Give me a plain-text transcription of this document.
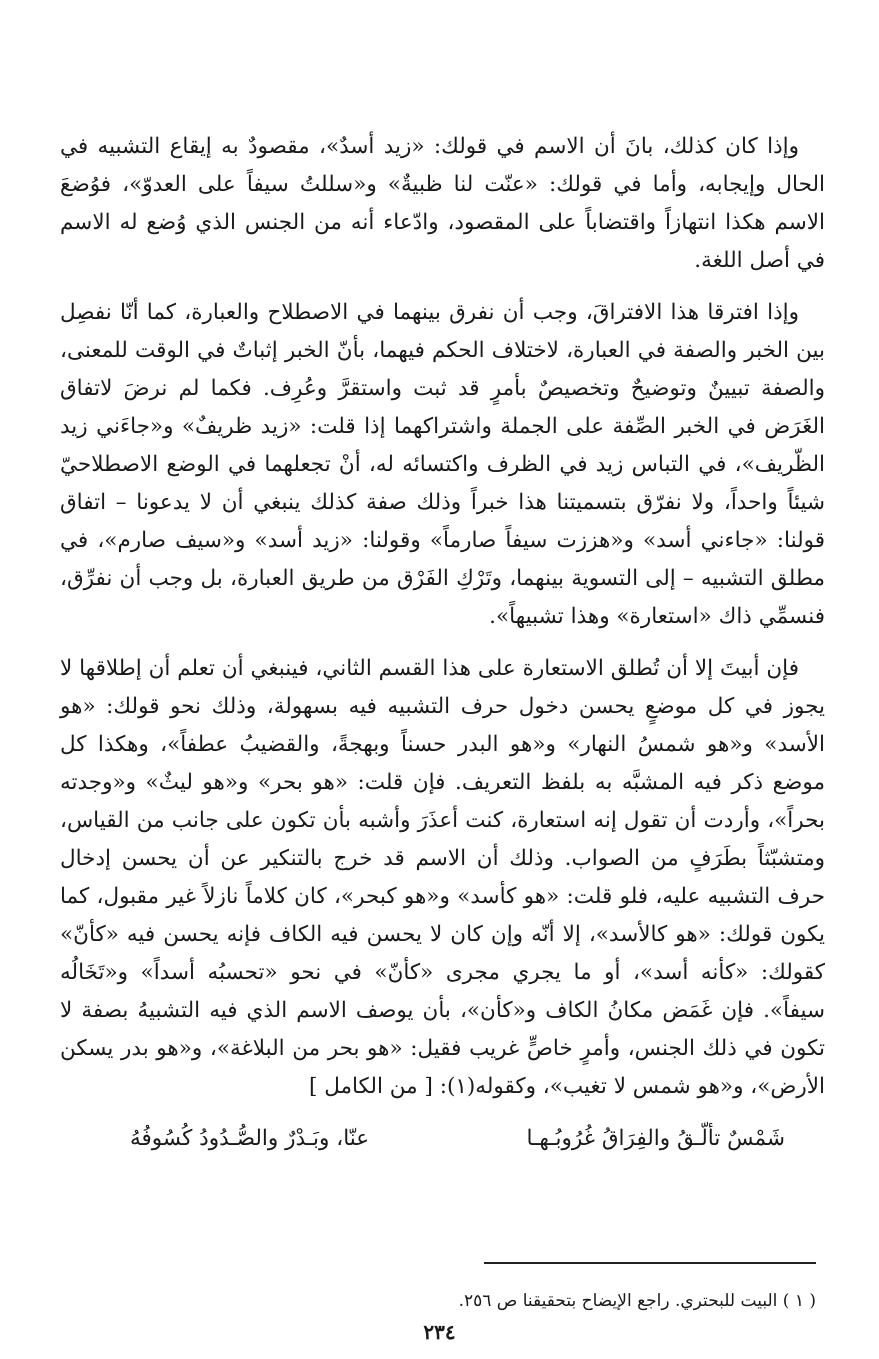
وإذا كان كذلك، بانَ أن الاسم في قولك: «زيد أسدٌ»، مقصودٌ به إيقاع التشبيه في الحال وإيجابه، وأما في قولك: «عنّت لنا ظبيةٌ» و«سللتُ سيفاً على العدوّ»، فوُضعَ الاسم هكذا انتهازاً واقتضاباً على المقصود، وادّعاء أنه من الجنس الذي وُضع له الاسم في أصل اللغة.

وإذا افترقا هذا الافتراقَ، وجب أن نفرق بينهما في الاصطلاح والعبارة، كما أنّا نفصِل بين الخبر والصفة في العبارة، لاختلاف الحكم فيهما، بأنّ الخبر إثباتٌ في الوقت للمعنى، والصفة تبيينٌ وتوضيحٌ وتخصيصٌ بأمرٍ قد ثبت واستقرَّ وعُرِف. فكما لم نرضَ لاتفاق الغَرَض في الخبر الصِّفة على الجملة واشتراكهما إذا قلت: «زيد ظريفٌ» و«جاءَني زيد الظّريف»، في التباس زيد في الظرف واكتسائه له، أنْ تجعلهما في الوضع الاصطلاحيّ شيئاً واحداً، ولا نفرّق بتسميتنا هذا خبراً وذلك صفة كذلك ينبغي أن لا يدعونا – اتفاق قولنا: «جاءني أسد» و«هززت سيفاً صارماً» وقولنا: «زيد أسد» و«سيف صارم»، في مطلق التشبيه – إلى التسوية بينهما، وتَرْكِ الفَرْق من طريق العبارة، بل وجب أن نفرِّق، فنسمِّي ذاك «استعارة» وهذا تشبيهاً».

فإن أبيتَ إلا أن تُطلق الاستعارة على هذا القسم الثاني، فينبغي أن تعلم أن إطلاقها لا يجوز في كل موضعٍ يحسن دخول حرف التشبيه فيه بسهولة، وذلك نحو قولك: «هو الأسد» و«هو شمسُ النهار» و«هو البدر حسناً وبهجةً، والقضيبُ عطفاً»، وهكذا كل موضع ذكر فيه المشبَّه به بلفظ التعريف. فإن قلت: «هو بحر» و«هو ليثٌ» و«وجدته بحراً»، وأردت أن تقول إنه استعارة، كنت أعذَرَ وأشبه بأن تكون على جانب من القياس، ومتشبّثاً بطَرَفٍ من الصواب. وذلك أن الاسم قد خرج بالتنكير عن أن يحسن إدخال حرف التشبيه عليه، فلو قلت: «هو كأسد» و«هو كبحر»، كان كلاماً نازلاً غير مقبول، كما يكون قولك: «هو كالأسد»، إلا أنّه وإن كان لا يحسن فيه الكاف فإنه يحسن فيه «كأنّ» كقولك: «كأنه أسد»، أو ما يجري مجرى «كأنّ» في نحو «تحسبُه أسداً» و«تَخَالُه سيفاً». فإن غَمَض مكانُ الكاف و«كأن»، بأن يوصف الاسم الذي فيه التشبيهُ بصفة لا تكون في ذلك الجنس، وأمرٍ خاصٍّ غريب فقيل: «هو بحر من البلاغة»، و«هو بدر يسكن الأرض»، و«هو شمس لا تغيب»، وكقوله(١): [ من الكامل ]

شَمْسٌ تألّـقُ والفِرَاقُ غُرُوبُـهـا
عنّا، وبَـدْرٌ والصُّـدُودُ كُسُوفُهُ
( ١ ) البيت للبحتري. راجع الإيضاح بتحقيقنا ص ٢٥٦.
٢٣٤
